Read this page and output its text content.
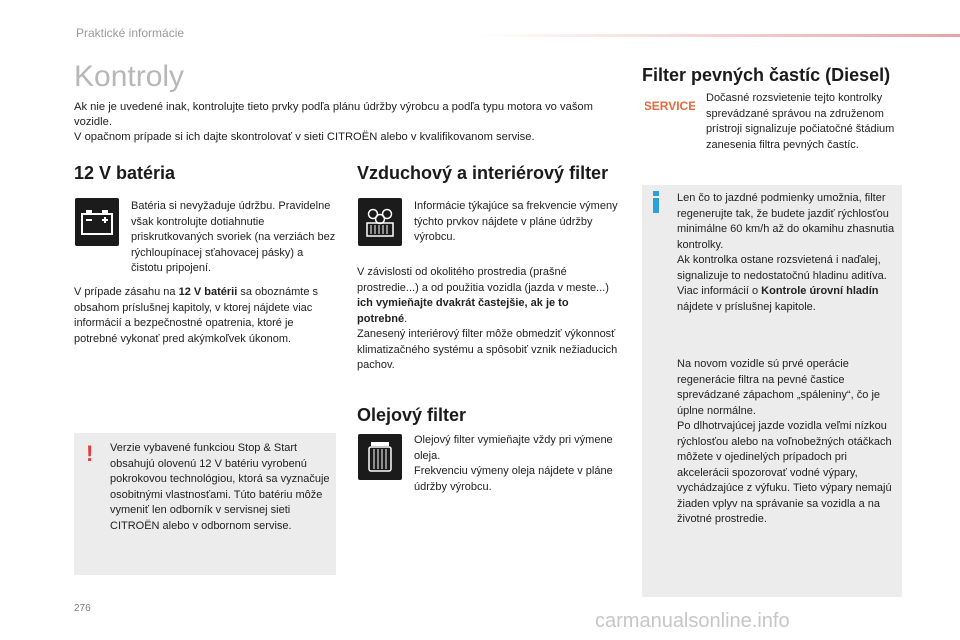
Praktické informácie
Kontroly
Ak nie je uvedené inak, kontrolujte tieto prvky podľa plánu údržby výrobcu a podľa typu motora vo vašom vozidle.
V opačnom prípade si ich dajte skontrolovať v sieti CITROËN alebo v kvalifikovanom servise.
12 V batéria

Batéria si nevyžaduje údržbu. Pravidelne však kontrolujte dotiahnutie priskrutkovaných svoriek (na verziách bez rýchloupínacej sťahovacej pásky) a čistotu pripojení.

V prípade zásahu na 12 V batérii sa oboznámte s obsahom príslušnej kapitoly, v ktorej nájdete viac informácií a bezpečnostné opatrenia, ktoré je potrebné vykonať pred akýmkoľvek úkonom.

! Verzie vybavené funkciou Stop & Start obsahujú olovenú 12 V batériu vyrobenú pokrokovou technológiou, ktorá sa vyznačuje osobitnými vlastnosťami. Túto batériu môže vymeniť len odborník v servisnej sieti CITROËN alebo v odbornom servise.

Vzduchový a interiérový filter

Informácie týkajúce sa frekvencie výmeny týchto prvkov nájdete v pláne údržby výrobcu.

V závislosti od okolitého prostredia (prašné prostredie...) a od použitia vozidla (jazda v meste...) ich vymieňajte dvakrát častejšie, ak je to potrebné.
Zanesený interiérový filter môže obmedziť výkonnosť klimatizačného systému a spôsobiť vznik nežiaducich pachov.

Olejový filter

Olejový filter vymieňajte vždy pri výmene oleja.
Frekvenciu výmeny oleja nájdete v pláne údržby výrobcu.

Filter pevných častíc (Diesel)
SERVICE

Dočasné rozsvietenie tejto kontrolky sprevádzané správou na združenom prístroji signalizuje počiatočné štádium zanesenia filtra pevných častíc.

Len čo to jazdné podmienky umožnia, filter regenerujte tak, že budete jazdiť rýchlosťou minimálne 60 km/h až do okamihu zhasnutia kontrolky.
Ak kontrolka ostane rozsvietená i naďalej, signalizuje to nedostatočnú hladinu aditíva.
Viac informácií o Kontrole úrovní hladín nájdete v príslušnej kapitole.

Na novom vozidle sú prvé operácie regenerácie filtra na pevné častice sprevádzané zápachom „spáleniny“, čo je úplne normálne.
Po dlhotrvajúcej jazde vozidla veľmi nízkou rýchlosťou alebo na voľnobežných otáčkach môžete v ojedinelých prípadoch pri akcelerácii spozorovať vodné výpary, vychádzajúce z výfuku. Tieto výpary nemajú žiaden vplyv na správanie sa vozidla a na životné prostredie.

276
carmanualsonline.info
